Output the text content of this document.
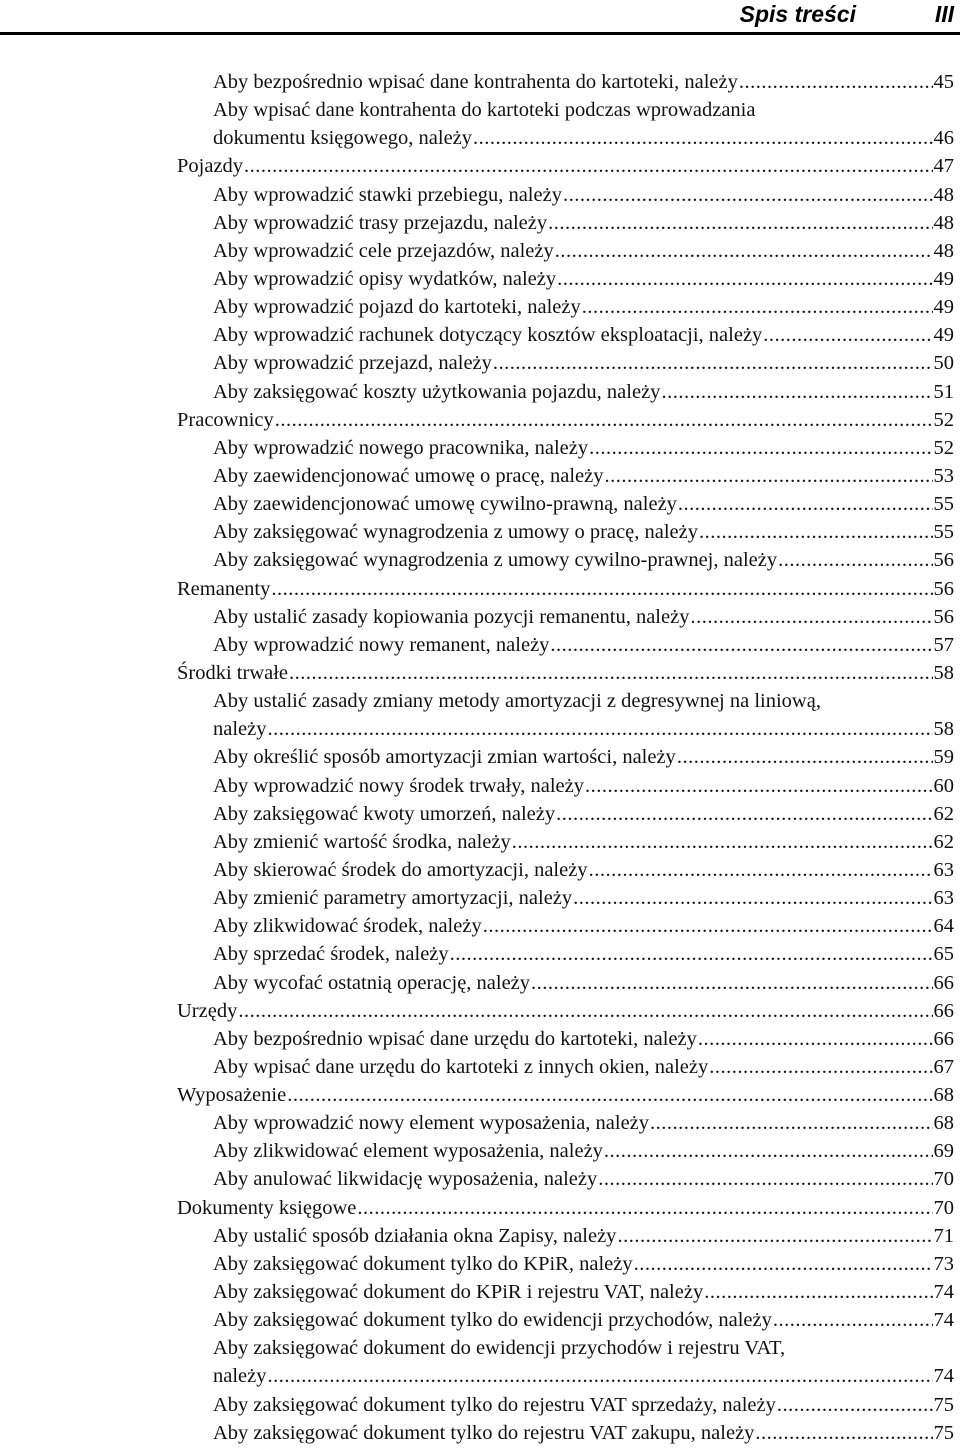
Spis treści	III
Aby bezpośrednio wpisać dane kontrahenta do kartoteki, należy .....	45
Aby wpisać dane kontrahenta do kartoteki podczas wprowadzania
dokumentu księgowego, należy .....	46
Pojazdy .....	47
Aby wprowadzić stawki przebiegu, należy .....	48
Aby wprowadzić trasy przejazdu, należy .....	48
Aby wprowadzić cele przejazdów, należy .....	48
Aby wprowadzić opisy wydatków, należy .....	49
Aby wprowadzić pojazd do kartoteki, należy .....	49
Aby wprowadzić rachunek dotyczący kosztów eksploatacji, należy .....	49
Aby wprowadzić przejazd, należy .....	50
Aby zaksięgować koszty użytkowania pojazdu, należy .....	51
Pracownicy .....	52
Aby wprowadzić nowego pracownika, należy .....	52
Aby zaewidencjonować umowę o pracę, należy .....	53
Aby zaewidencjonować umowę cywilno-prawną, należy .....	55
Aby zaksięgować wynagrodzenia z umowy o pracę, należy .....	55
Aby zaksięgować wynagrodzenia z umowy cywilno-prawnej, należy .....	56
Remanenty .....	56
Aby ustalić zasady kopiowania pozycji remanentu, należy .....	56
Aby wprowadzić nowy remanent, należy .....	57
Środki trwałe .....	58
Aby ustalić zasady zmiany metody amortyzacji z degresywnej na liniową,
należy .....	58
Aby określić sposób amortyzacji zmian wartości, należy .....	59
Aby wprowadzić nowy środek trwały, należy .....	60
Aby zaksięgować kwoty umorzeń, należy .....	62
Aby zmienić wartość środka, należy .....	62
Aby skierować środek do amortyzacji, należy .....	63
Aby zmienić parametry amortyzacji, należy .....	63
Aby zlikwidować środek, należy .....	64
Aby sprzedać środek, należy .....	65
Aby wycofać ostatnią operację, należy .....	66
Urzędy .....	66
Aby bezpośrednio wpisać dane urzędu do kartoteki, należy .....	66
Aby wpisać dane urzędu do kartoteki z innych okien, należy .....	67
Wyposażenie .....	68
Aby wprowadzić nowy element wyposażenia, należy .....	68
Aby zlikwidować element wyposażenia, należy .....	69
Aby anulować likwidację wyposażenia, należy .....	70
Dokumenty księgowe .....	70
Aby ustalić sposób działania okna Zapisy, należy .....	71
Aby zaksięgować dokument tylko do KPiR, należy .....	73
Aby zaksięgować dokument do KPiR i rejestru VAT, należy .....	74
Aby zaksięgować dokument tylko do ewidencji przychodów, należy .....	74
Aby zaksięgować dokument do ewidencji przychodów i rejestru VAT,
należy .....	74
Aby zaksięgować dokument tylko do rejestru VAT sprzedaży, należy .....	75
Aby zaksięgować dokument tylko do rejestru VAT zakupu, należy .....	75
